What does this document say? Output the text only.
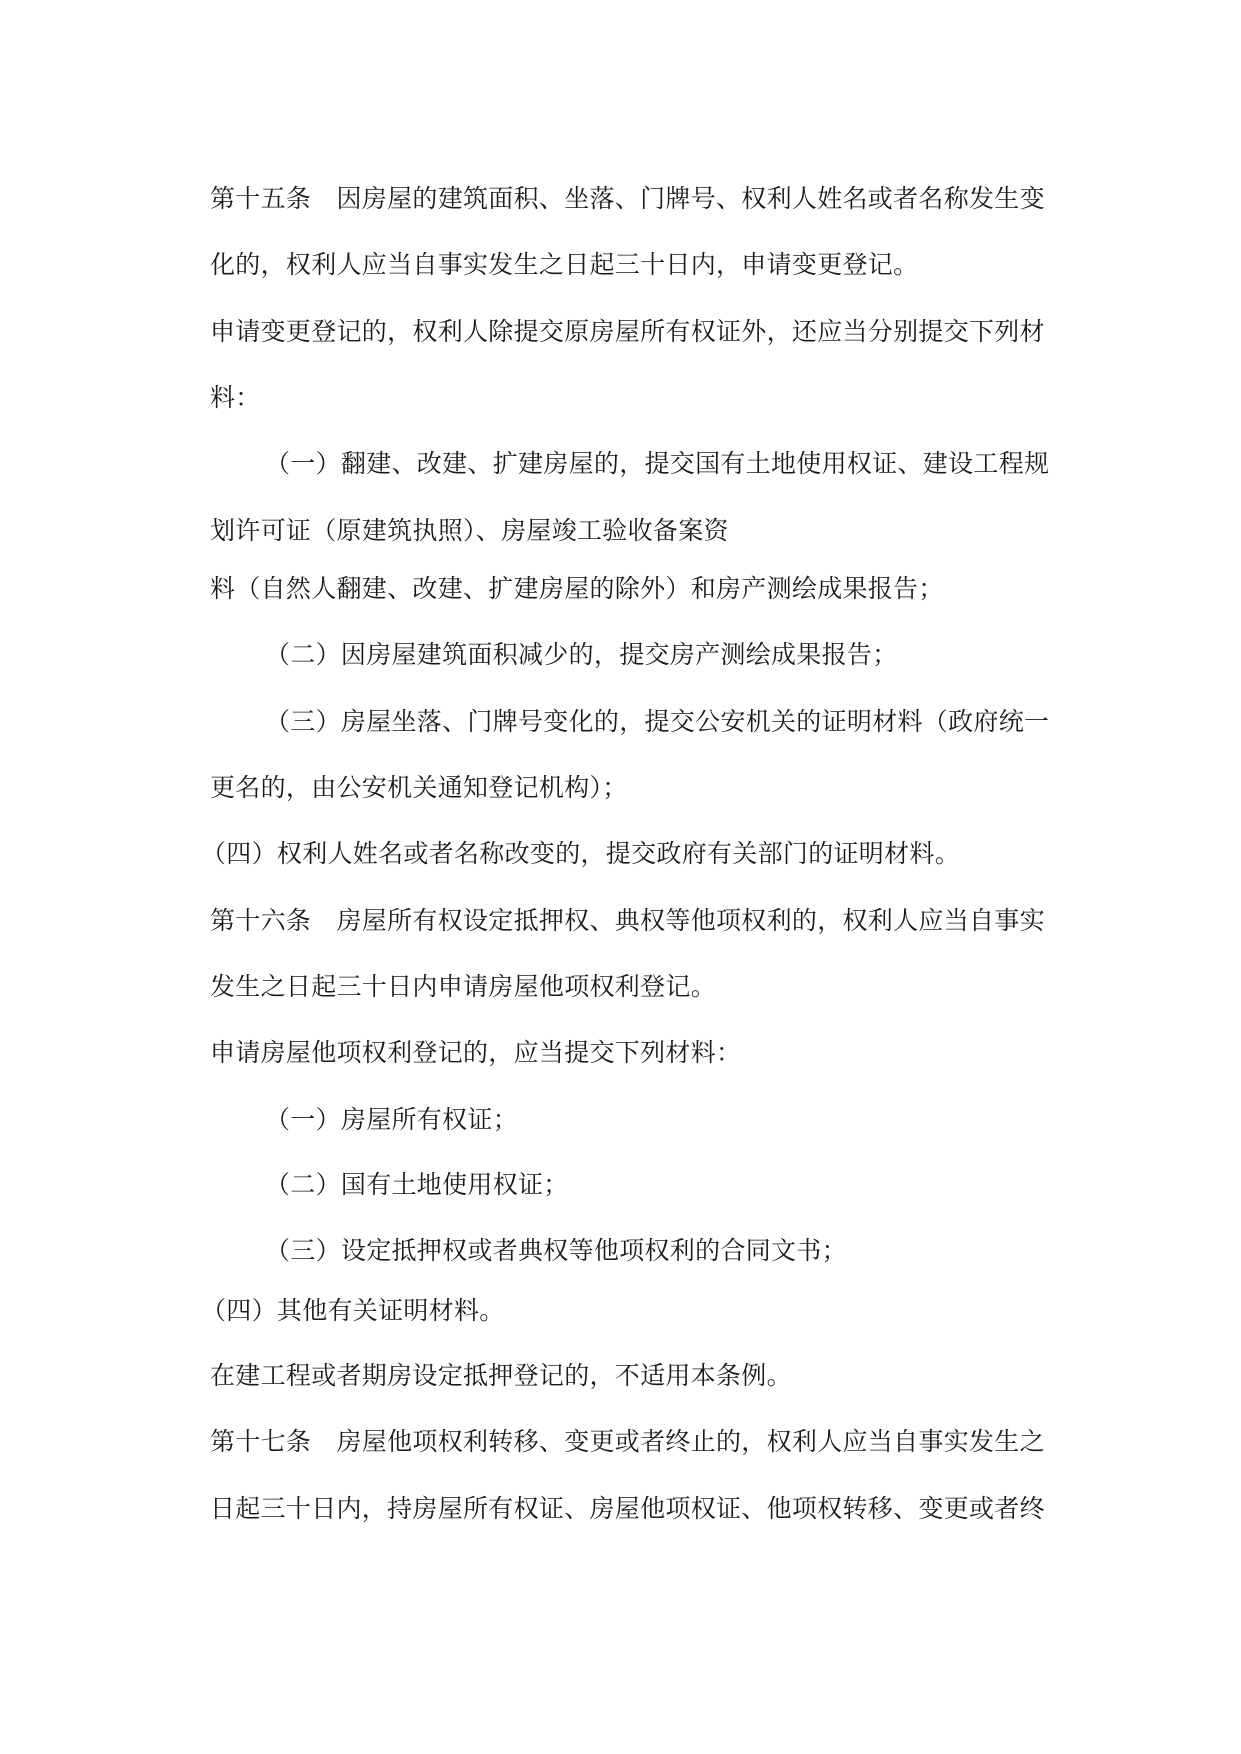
第十五条　因房屋的建筑面积、坐落、门牌号、权利人姓名或者名称发生变
化的，权利人应当自事实发生之日起三十日内，申请变更登记。
申请变更登记的，权利人除提交原房屋所有权证外，还应当分别提交下列材
料：
（一）翻建、改建、扩建房屋的，提交国有土地使用权证、建设工程规
划许可证（原建筑执照）、房屋竣工验收备案资
料（自然人翻建、改建、扩建房屋的除外）和房产测绘成果报告；
（二）因房屋建筑面积减少的，提交房产测绘成果报告；
（三）房屋坐落、门牌号变化的，提交公安机关的证明材料（政府统一
更名的，由公安机关通知登记机构）；
（四）权利人姓名或者名称改变的，提交政府有关部门的证明材料。
第十六条　房屋所有权设定抵押权、典权等他项权利的，权利人应当自事实
发生之日起三十日内申请房屋他项权利登记。
申请房屋他项权利登记的，应当提交下列材料：
（一）房屋所有权证；
（二）国有土地使用权证；
（三）设定抵押权或者典权等他项权利的合同文书；
（四）其他有关证明材料。
在建工程或者期房设定抵押登记的，不适用本条例。
第十七条　房屋他项权利转移、变更或者终止的，权利人应当自事实发生之
日起三十日内，持房屋所有权证、房屋他项权证、他项权转移、变更或者终
